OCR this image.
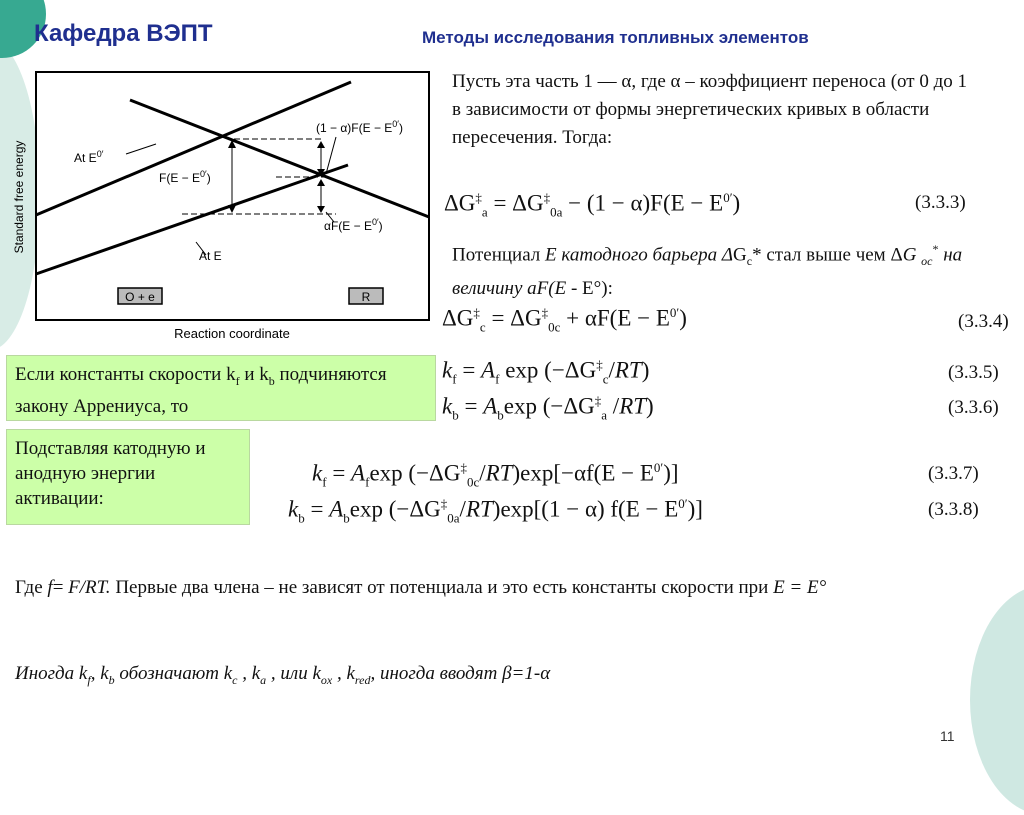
Кафедра ВЭПТ	Методы исследования топливных элементов
Standard free energy
Reaction coordinate
At $E^{0'}$
At E
$F(E - E^{0'})$
$(1 - \alpha)F(E - E^{0'})$
$\alpha F(E - E^{0'})$
O + e	R
Пусть эта часть 1 — α, где α – коэффициент переноса (от 0 до 1 в зависимости от формы энергетических кривых в области пересечения. Тогда:
$\Delta G^\ddagger_a = \Delta G^\ddagger_{0a} - (1 - \alpha)F(E - E^{0'})$	(3.3.3)
Потенциал E катодного барьера $\Delta G_c*$ стал выше чем ΔG $_{oc}$* на величину аF(E - E°):
$\Delta G^\ddagger_c = \Delta G^\ddagger_{0c} + \alpha F(E - E^{0'})$	(3.3.4)
Если константы скорости $k_f$ и $k_b$ подчиняются закону Аррениуса, то
$k_f = A_f$ $\exp (-\Delta G^\ddagger_c/RT)$	(3.3.5)
$k_b = A_b\exp$ ($-\Delta G^\ddagger_a$ /RT)	(3.3.6)
Подставляя катодную и анодную энергии активации:
$k_f = A_f\exp$ $(-\Delta G^\ddagger_{0c}/RT)\exp[-\alpha f(E - E^{0'})]$	(3.3.7)
$k_b = A_b\exp$ $(-\Delta G^\ddagger_{0a}/RT)\exp[(1 - \alpha) f(E - E^{0'})]$	(3.3.8)
Где f= F/RT. Первые два члена – не зависят от потенциала и это есть константы скорости при E = E°
Иногда $k_f$, $k_b$ обозначают $k_c$ , $k_a$ , или $k_{ox}$ , $k_{red}$, иногда вводят β=1-α
11
